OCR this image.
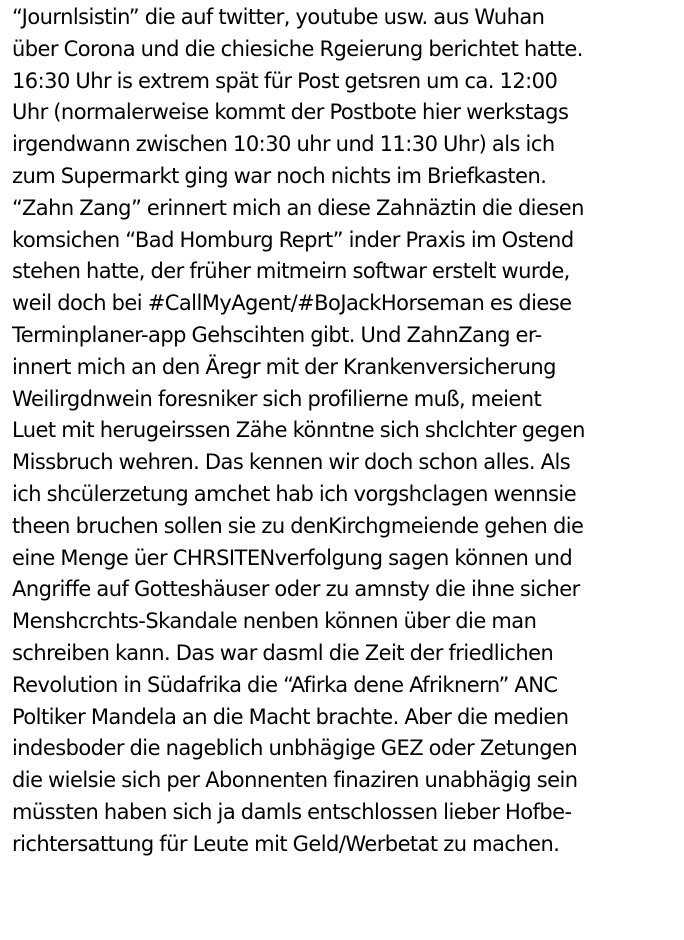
“Journlsistin” die auf twitter, youtube usw. aus Wuhan
über Corona und die chiesiche Rgeierung berichtet hatte.
16:30 Uhr is extrem spät für Post getsren um ca. 12:00
Uhr (normalerweise kommt der Postbote hier werkstags
irgendwann zwischen 10:30 uhr und 11:30 Uhr) als ich
zum Supermarkt ging war noch nichts im Briefkasten.
“Zahn Zang” erinnert mich an diese Zahnäztin die diesen
komsichen “Bad Homburg Reprt” inder Praxis im Ostend
stehen hatte, der früher mitmeirn softwar erstelt wurde,
weil doch bei #CallMyAgent/#BoJackHorseman es diese
Terminplaner-app Gehscihten gibt. Und ZahnZang er-
innert mich an den Äregr mit der Krankenversicherung
Weilirgdnwein foresniker sich profilierne muß, meient
Luet mit herugeirssen Zähe könntne sich shclchter gegen
Missbruch wehren. Das kennen wir doch schon alles. Als
ich shcülerzetung amchet hab ich vorgshclagen wennsie
theen bruchen sollen sie zu denKirchgmeiende gehen die
eine Menge üer CHRSITENverfolgung sagen können und
Angriffe auf Gotteshäuser oder zu amnsty die ihne sicher
Menshcrchts-Skandale nenben können über die man
schreiben kann. Das war dasml die Zeit der friedlichen
Revolution in Südafrika die “Afirka dene Afriknern” ANC
Poltiker Mandela an die Macht brachte. Aber die medien
indesboder die nageblich unbhägige GEZ oder Zetungen
die wielsie sich per Abonnenten finaziren unabhägig sein
müssten haben sich ja damls entschlossen lieber Hofbe-
richtersattung für Leute mit Geld/Werbetat zu machen.
